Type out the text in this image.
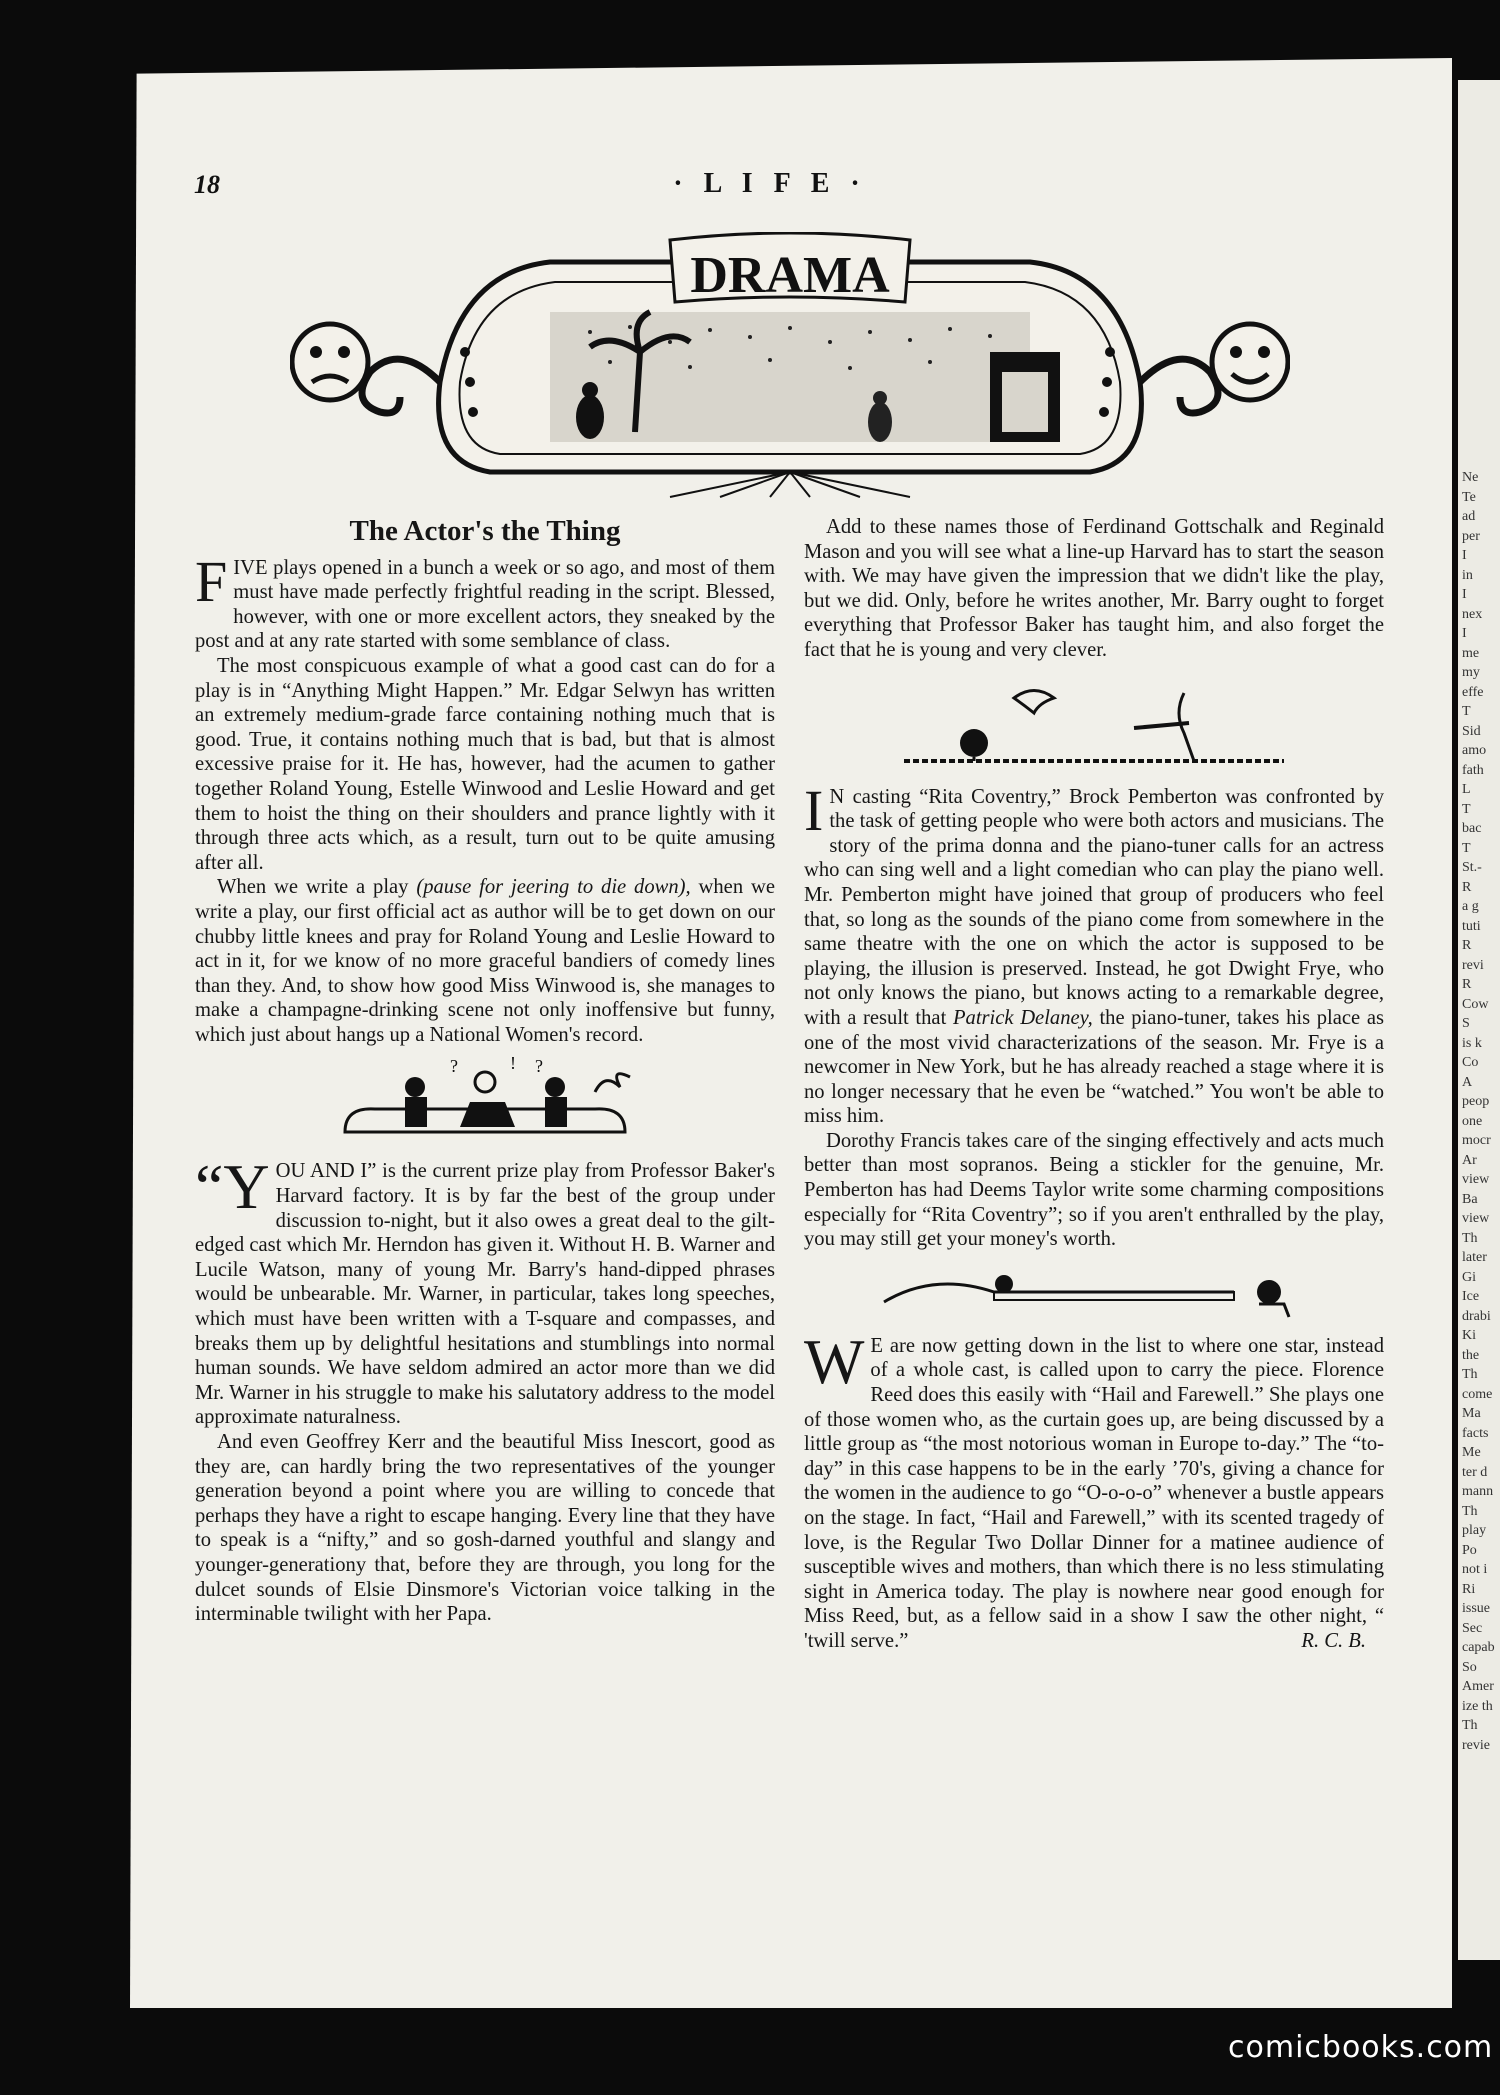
Ne
Te
ad
per
I
in
I
nex
I
me
my
effe
T
Sid
amo
fath
L
T
bac
T
St.-
R
a g
tuti
R
revi
R
Cow
S
is k
Co
A
peop
one
mocr
Ar
view
Ba
view
Th
later
Gi
Ice
drabi
Ki
the
Th
come
Ma
facts
Me
ter d
mann
Th
play
Po
not i
Ri
issue
Sec
capab
So
Amer
ize th
Th
revie
18	· L I F E ·
DRAMA
The Actor's the Thing

FIVE plays opened in a bunch a week or so ago, and most of them must have made perfectly frightful reading in the script. Blessed, however, with one or more excellent actors, they sneaked by the post and at any rate started with some semblance of class.

The most conspicuous example of what a good cast can do for a play is in “Anything Might Happen.” Mr. Edgar Selwyn has written an extremely medium-grade farce containing nothing much that is good. True, it contains nothing much that is bad, but that is almost excessive praise for it. He has, however, had the acumen to gather together Roland Young, Estelle Winwood and Leslie Howard and get them to hoist the thing on their shoulders and prance lightly with it through three acts which, as a result, turn out to be quite amusing after all.

When we write a play (pause for jeering to die down), when we write a play, our first official act as author will be to get down on our chubby little knees and pray for Roland Young and Leslie Howard to act in it, for we know of no more graceful bandiers of comedy lines than they. And, to show how good Miss Winwood is, she manages to make a champagne-drinking scene not only inoffensive but funny, which just about hangs up a National Women's record.

?	! ?

“Y OU AND I” is the current prize play from Professor Baker's Harvard factory. It is by far the best of the group under discussion to-night, but it also owes a great deal to the gilt-edged cast which Mr. Herndon has given it. Without H. B. Warner and Lucile Watson, many of young Mr. Barry's hand-dipped phrases would be unbearable. Mr. Warner, in particular, takes long speeches, which must have been written with a T-square and compasses, and breaks them up by delightful hesitations and stumblings into normal human sounds. We have seldom admired an actor more than we did Mr. Warner in his struggle to make his salutatory address to the model approximate naturalness.

And even Geoffrey Kerr and the beautiful Miss Inescort, good as they are, can hardly bring the two representatives of the younger generation beyond a point where you are willing to concede that perhaps they have a right to escape hanging. Every line that they have to speak is a “nifty,” and so gosh-darned youthful and slangy and younger-generationy that, before they are through, you long for the dulcet sounds of Elsie Dinsmore's Victorian voice talking in the interminable twilight with her Papa.

Add to these names those of Ferdinand Gottschalk and Reginald Mason and you will see what a line-up Harvard has to start the season with. We may have given the impression that we didn't like the play, but we did. Only, before he writes another, Mr. Barry ought to forget everything that Professor Baker has taught him, and also forget the fact that he is young and very clever.

I N casting “Rita Coventry,” Brock Pemberton was confronted by the task of getting people who were both actors and musicians. The story of the prima donna and the piano-tuner calls for an actress who can sing well and a light comedian who can play the piano well. Mr. Pemberton might have joined that group of producers who feel that, so long as the sounds of the piano come from somewhere in the same theatre with the one on which the actor is supposed to be playing, the illusion is preserved. Instead, he got Dwight Frye, who not only knows the piano, but knows acting to a remarkable degree, with a result that Patrick Delaney, the piano-tuner, takes his place as one of the most vivid characterizations of the season. Mr. Frye is a newcomer in New York, but he has already reached a stage where it is no longer necessary that he even be “watched.” You won't be able to miss him.

Dorothy Francis takes care of the singing effectively and acts much better than most sopranos. Being a stickler for the genuine, Mr. Pemberton has had Deems Taylor write some charming compositions especially for “Rita Coventry”; so if you aren't enthralled by the play, you may still get your money's worth.

W E are now getting down in the list to where one star, instead of a whole cast, is called upon to carry the piece. Florence Reed does this easily with “Hail and Farewell.” She plays one of those women who, as the curtain goes up, are being discussed by a little group as “the most notorious woman in Europe to-day.” The “to-day” in this case happens to be in the early ’70's, giving a chance for the women in the audience to go “O-o-o-o” whenever a bustle appears on the stage. In fact, “Hail and Farewell,” with its scented tragedy of love, is the Regular Two Dollar Dinner for a matinee audience of susceptible wives and mothers, than which there is no less stimulating sight in America today. The play is nowhere near good enough for Miss Reed, but, as a fellow said in a show I saw the other night, “ 'twill serve.”	R. C. B.

comicbooks.com
